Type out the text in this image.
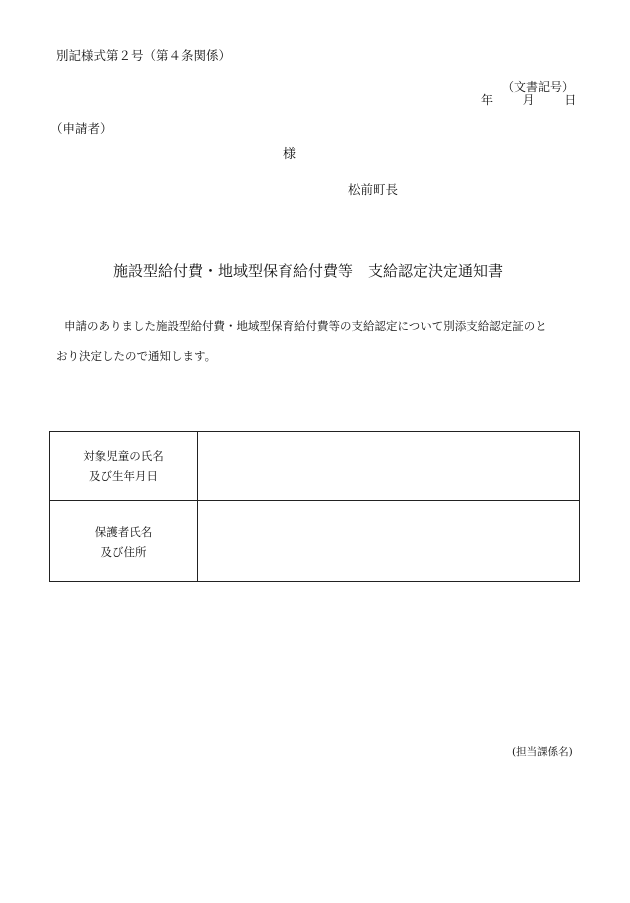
別記様式第２号（第４条関係）
（文書記号）
年 月 日
（申請者）
様
松前町長
施設型給付費・地域型保育給付費等　支給認定決定通知書
申請のありました施設型給付費・地域型保育給付費等の支給認定について別添支給認定証のと
おり決定したので通知します。
対象児童の氏名
及び生年月日
保護者氏名
及び住所
(担当課係名)
